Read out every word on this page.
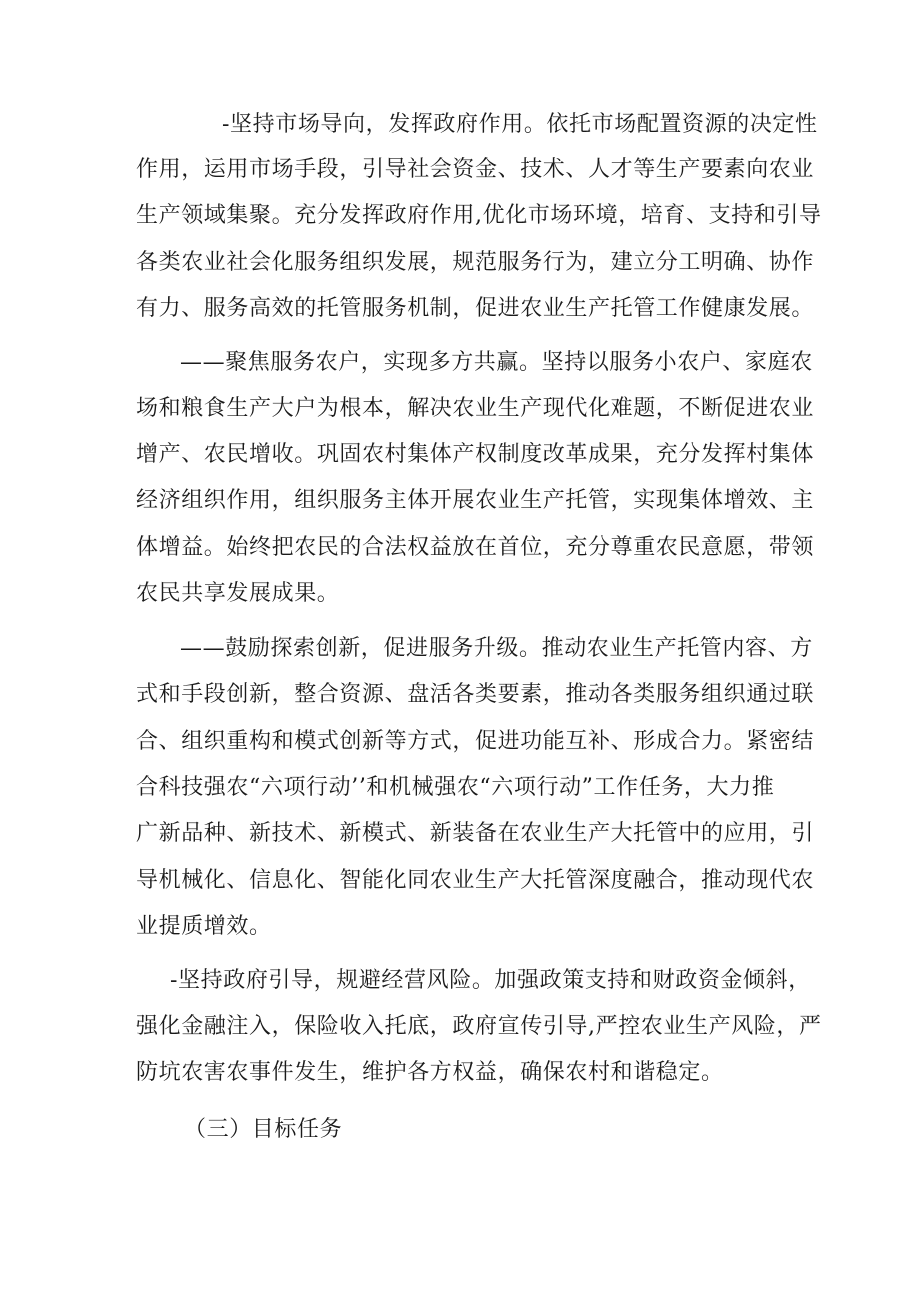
-坚持市场导向，发挥政府作用。依托市场配置资源的决定性
作用，运用市场手段，引导社会资金、技术、人才等生产要素向农业
生产领域集聚。充分发挥政府作用,优化市场环境，培育、支持和引导
各类农业社会化服务组织发展，规范服务行为，建立分工明确、协作
有力、服务高效的托管服务机制，促进农业生产托管工作健康发展。
——聚焦服务农户，实现多方共赢。坚持以服务小农户、家庭农
场和粮食生产大户为根本，解决农业生产现代化难题，不断促进农业
增产、农民增收。巩固农村集体产权制度改革成果，充分发挥村集体
经济组织作用，组织服务主体开展农业生产托管，实现集体增效、主
体增益。始终把农民的合法权益放在首位，充分尊重农民意愿，带领
农民共享发展成果。
——鼓励探索创新，促进服务升级。推动农业生产托管内容、方
式和手段创新，整合资源、盘活各类要素，推动各类服务组织通过联
合、组织重构和模式创新等方式，促进功能互补、形成合力。紧密结
合科技强农“六项行动’’和机械强农“六项行动”工作任务，大力推
广新品种、新技术、新模式、新装备在农业生产大托管中的应用，引
导机械化、信息化、智能化同农业生产大托管深度融合，推动现代农
业提质增效。
-坚持政府引导，规避经营风险。加强政策支持和财政资金倾斜，
强化金融注入，保险收入托底，政府宣传引导,严控农业生产风险，严
防坑农害农事件发生，维护各方权益，确保农村和谐稳定。
（三）目标任务
